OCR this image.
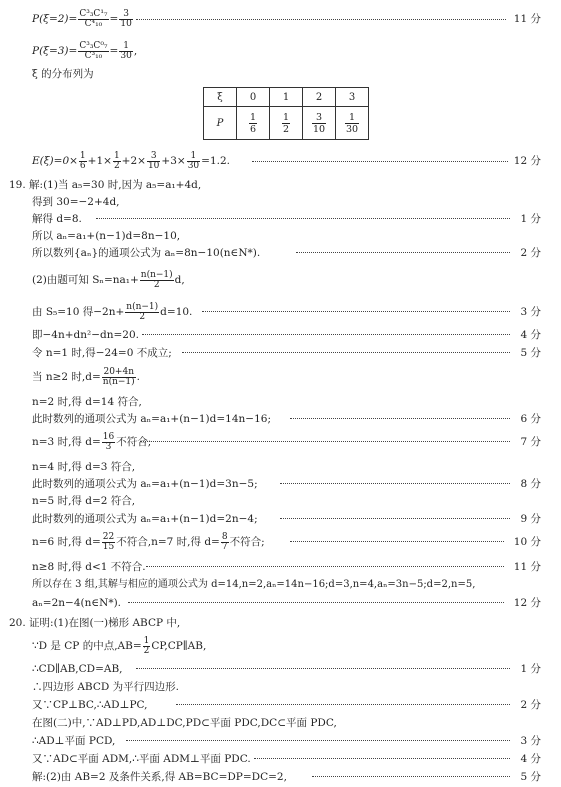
$P(\xi=2)= \frac{\text{C³₃C¹₇}}{\text{C⁴₁₀}} = \frac{3}{10}$	11 分
$P(\xi=3)= \frac{\text{C³₃C⁰₇}}{\text{C³₁₀}} = \frac{1}{30}$ ,
ξ 的分布列为
ξ	0	1	2	3
P	$\frac{1}{6}$	$\frac{1}{2}$	$\frac{3}{10}$	$\frac{1}{30}$
$E(\xi)=0\times \frac{1}{6} +1\times \frac{1}{2} +2\times \frac{3}{10} +3\times \frac{1}{30} =1.2$.	12 分
19. 解:(1)当 a₅=30 时,因为 a₅=a₁+4d,
得到 30=−2+4d,
解得 d=8.	1 分
所以 aₙ=a₁+(n−1)d=8n−10,
所以数列{aₙ}的通项公式为 aₙ=8n−10(n∈N*).	2 分
(2)由题可知 $S_n=na_1+ \frac{n(n-1)}{2} d$,
由 S₅=10 得$-2n+ \frac{n(n-1)}{2} d=10$.	3 分
即−4n+dn²−dn=20.	4 分
令 n=1 时,得−24=0 不成立;	5 分
当 n≥2 时$,d= \frac{20+4n}{n(n-1)}$ .
n=2 时,得 d=14 符合,
此时数列的通项公式为 aₙ=a₁+(n−1)d=14n−16;	6 分
n=3 时,得 $d= \frac{16}{3}$ 不符合;	7 分
n=4 时,得 d=3 符合,
此时数列的通项公式为 aₙ=a₁+(n−1)d=3n−5;	8 分
n=5 时,得 d=2 符合,
此时数列的通项公式为 aₙ=a₁+(n−1)d=2n−4;	9 分
n=6 时,得 $d= \frac{22}{15}$ 不符合,n=7 时,得 $d= \frac{8}{7}$ 不符合;	10 分
n≥8 时,得 d<1 不符合.	11 分
所以存在 3 组,其解与相应的通项公式为 d=14,n=2,aₙ=14n−16;d=3,n=4,aₙ=3n−5;d=2,n=5,
aₙ=2n−4(n∈N*).	12 分
20. 证明:(1)在图(一)梯形 ABCP 中,
∵D 是 CP 的中点$,AB= \frac{1}{2}$ CP,CP∥AB,
∴CD∥AB,CD=AB,	1 分
∴四边形 ABCD 为平行四边形.
又∵CP⊥BC,∴AD⊥PC,	2 分
在图(二)中,∵AD⊥PD,AD⊥DC,PD⊂平面 PDC,DC⊂平面 PDC,
∴AD⊥平面 PCD,	3 分
又∵AD⊂平面 ADM,∴平面 ADM⊥平面 PDC.	4 分
解:(2)由 AB=2 及条件关系,得 AB=BC=DP=DC=2,	5 分
